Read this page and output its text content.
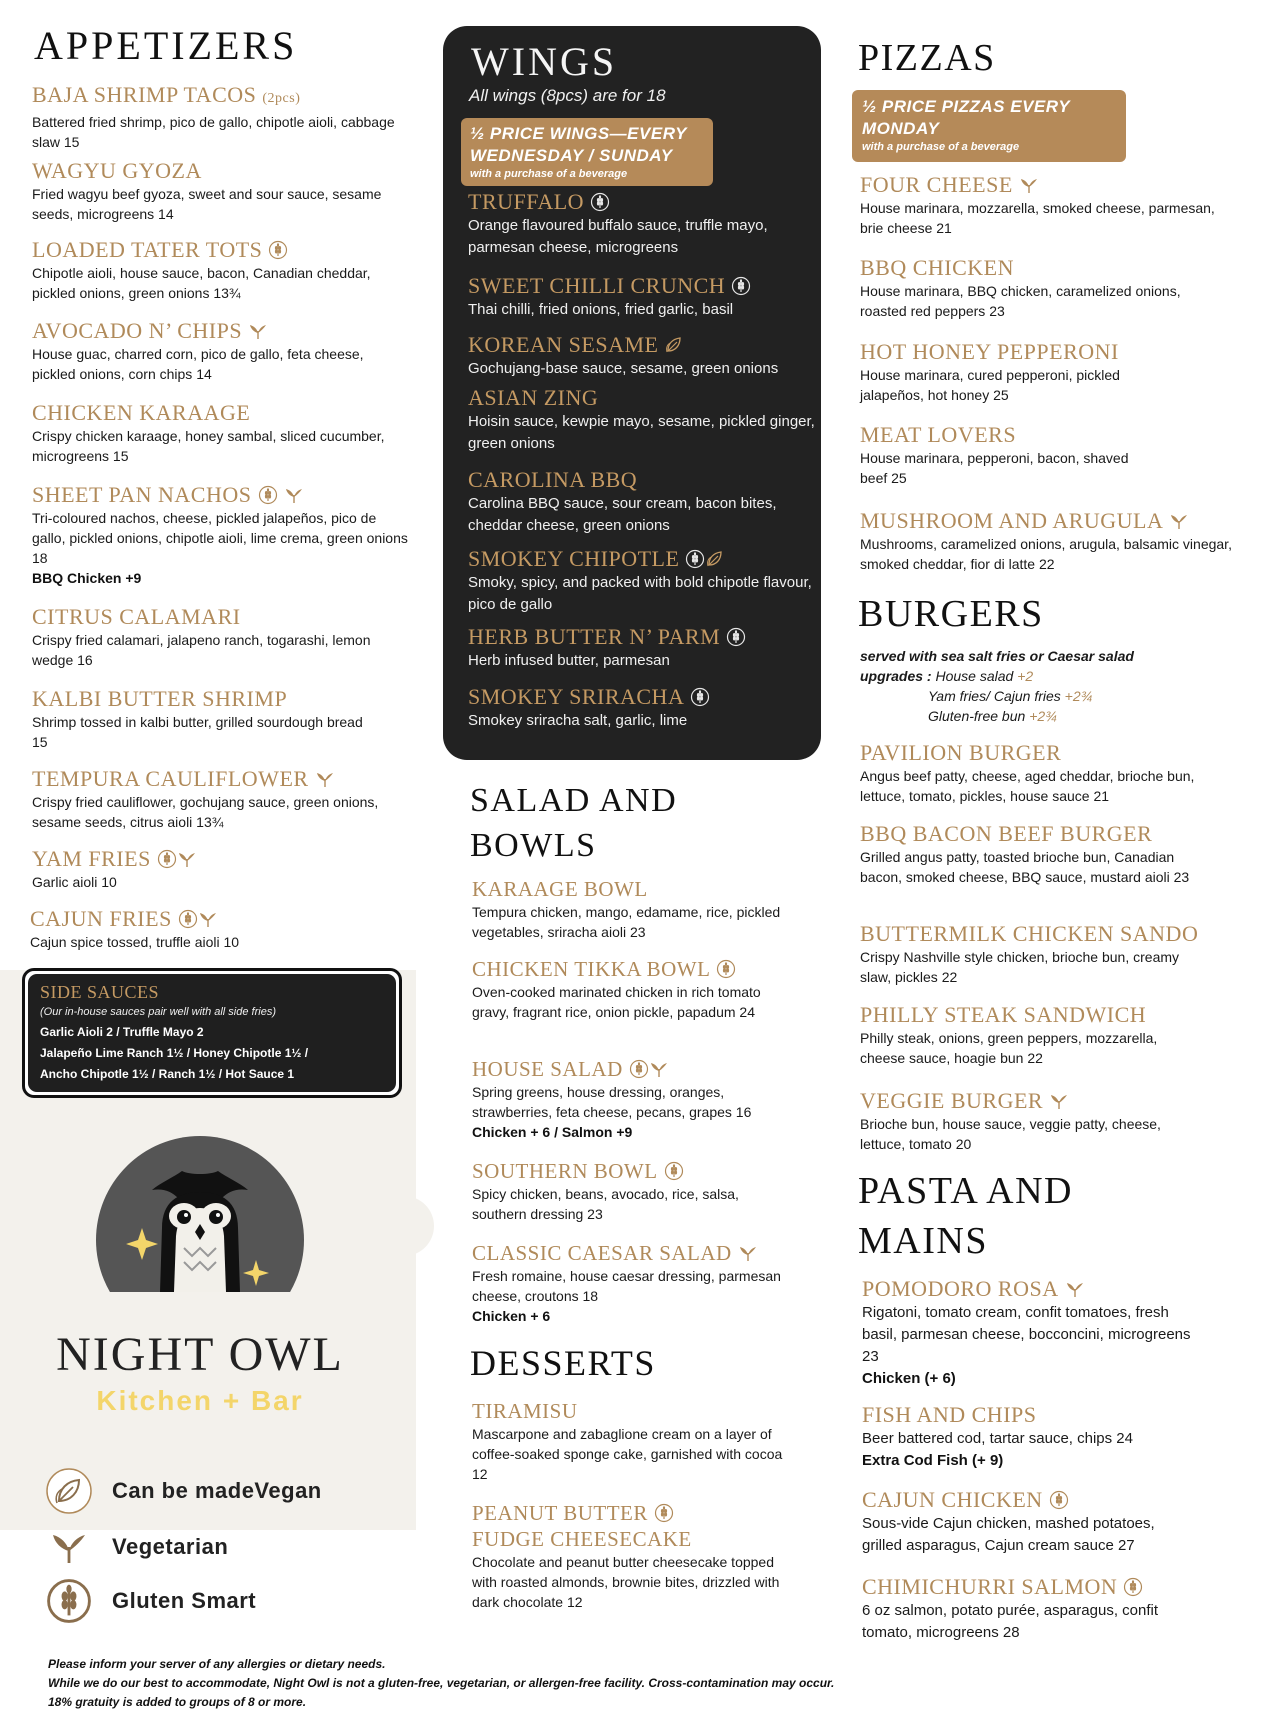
APPETIZERS
BAJA SHRIMP TACOS (2pcs)
Battered fried shrimp, pico de gallo, chipotle aioli, cabbage slaw 15
WAGYU GYOZA
Fried wagyu beef gyoza, sweet and sour sauce, sesame seeds, microgreens 14
LOADED TATER TOTS
Chipotle aioli, house sauce, bacon, Canadian cheddar, pickled onions, green onions 13¾
AVOCADO N’ CHIPS
House guac, charred corn, pico de gallo, feta cheese, pickled onions, corn chips 14
CHICKEN KARAAGE
Crispy chicken karaage, honey sambal, sliced cucumber, microgreens 15
SHEET PAN NACHOS
Tri-coloured nachos, cheese, pickled jalapeños, pico de gallo, pickled onions, chipotle aioli, lime crema, green onions 18
BBQ Chicken +9
CITRUS CALAMARI
Crispy fried calamari, jalapeno ranch, togarashi, lemon wedge 16
KALBI BUTTER SHRIMP
Shrimp tossed in kalbi butter, grilled sourdough bread 15
TEMPURA CAULIFLOWER
Crispy fried cauliflower, gochujang sauce, green onions, sesame seeds, citrus aioli 13¾
YAM FRIES
Garlic aioli 10
CAJUN FRIES
Cajun spice tossed, truffle aioli 10
SIDE SAUCES
(Our in-house sauces pair well with all side fries)
Garlic Aioli 2 / Truffle Mayo 2
Jalapeño Lime Ranch 1½ / Honey Chipotle 1½ /
Ancho Chipotle 1½ / Ranch 1½ / Hot Sauce 1
NIGHT OWL
Kitchen + Bar
Can be madeVegan
Vegetarian
Gluten Smart
WINGS
All wings (8pcs) are for 18
½ PRICE WINGS—EVERY WEDNESDAY / SUNDAY
with a purchase of a beverage
TRUFFALO
Orange flavoured buffalo sauce, truffle mayo, parmesan cheese, microgreens
SWEET CHILLI CRUNCH
Thai chilli, fried onions, fried garlic, basil
KOREAN SESAME
Gochujang-base sauce, sesame, green onions
ASIAN ZING
Hoisin sauce, kewpie mayo, sesame, pickled ginger, green onions
CAROLINA BBQ
Carolina BBQ sauce, sour cream, bacon bites, cheddar cheese, green onions
SMOKEY CHIPOTLE
Smoky, spicy, and packed with bold chipotle flavour, pico de gallo
HERB BUTTER N’ PARM
Herb infused butter, parmesan
SMOKEY SRIRACHA
Smokey sriracha salt, garlic, lime
SALAD AND
BOWLS
KARAAGE BOWL
Tempura chicken, mango, edamame, rice, pickled vegetables, sriracha aioli 23
CHICKEN TIKKA BOWL
Oven-cooked marinated chicken in rich tomato gravy, fragrant rice, onion pickle, papadum 24
HOUSE SALAD
Spring greens, house dressing, oranges, strawberries, feta cheese, pecans, grapes 16
Chicken + 6 / Salmon +9
SOUTHERN BOWL
Spicy chicken, beans, avocado, rice, salsa, southern dressing 23
CLASSIC CAESAR SALAD
Fresh romaine, house caesar dressing, parmesan cheese, croutons 18
Chicken + 6
DESSERTS
TIRAMISU
Mascarpone and zabaglione cream on a layer of coffee-soaked sponge cake, garnished with cocoa 12
PEANUT BUTTER
FUDGE CHEESECAKE
Chocolate and peanut butter cheesecake topped with roasted almonds, brownie bites, drizzled with dark chocolate 12
PIZZAS
½ PRICE PIZZAS EVERY MONDAY
with a purchase of a beverage
FOUR CHEESE
House marinara, mozzarella, smoked cheese, parmesan, brie cheese 21
BBQ CHICKEN
House marinara, BBQ chicken, caramelized onions, roasted red peppers 23
HOT HONEY PEPPERONI
House marinara, cured pepperoni, pickled jalapeños, hot honey 25
MEAT LOVERS
House marinara, pepperoni, bacon, shaved beef 25
MUSHROOM AND ARUGULA
Mushrooms, caramelized onions, arugula, balsamic vinegar, smoked cheddar, fior di latte 22
BURGERS
served with sea salt fries or Caesar salad
upgrades : House salad +2
Yam fries/ Cajun fries +2¾
Gluten-free bun +2¾
PAVILION BURGER
Angus beef patty, cheese, aged cheddar, brioche bun, lettuce, tomato, pickles, house sauce 21
BBQ BACON BEEF BURGER
Grilled angus patty, toasted brioche bun, Canadian bacon, smoked cheese, BBQ sauce, mustard aioli 23
BUTTERMILK CHICKEN SANDO
Crispy Nashville style chicken, brioche bun, creamy slaw, pickles 22
PHILLY STEAK SANDWICH
Philly steak, onions, green peppers, mozzarella, cheese sauce, hoagie bun 22
VEGGIE BURGER
Brioche bun, house sauce, veggie patty, cheese, lettuce, tomato 20
PASTA AND
MAINS
POMODORO ROSA
Rigatoni, tomato cream, confit tomatoes, fresh basil, parmesan cheese, bocconcini, microgreens 23
Chicken (+ 6)
FISH AND CHIPS
Beer battered cod, tartar sauce, chips 24
Extra Cod Fish (+ 9)
CAJUN CHICKEN
Sous-vide Cajun chicken, mashed potatoes, grilled asparagus, Cajun cream sauce 27
CHIMICHURRI SALMON
6 oz salmon, potato purée, asparagus, confit tomato, microgreens 28
Please inform your server of any allergies or dietary needs.
While we do our best to accommodate, Night Owl is not a gluten-free, vegetarian, or allergen-free facility. Cross-contamination may occur.
18% gratuity is added to groups of 8 or more.
